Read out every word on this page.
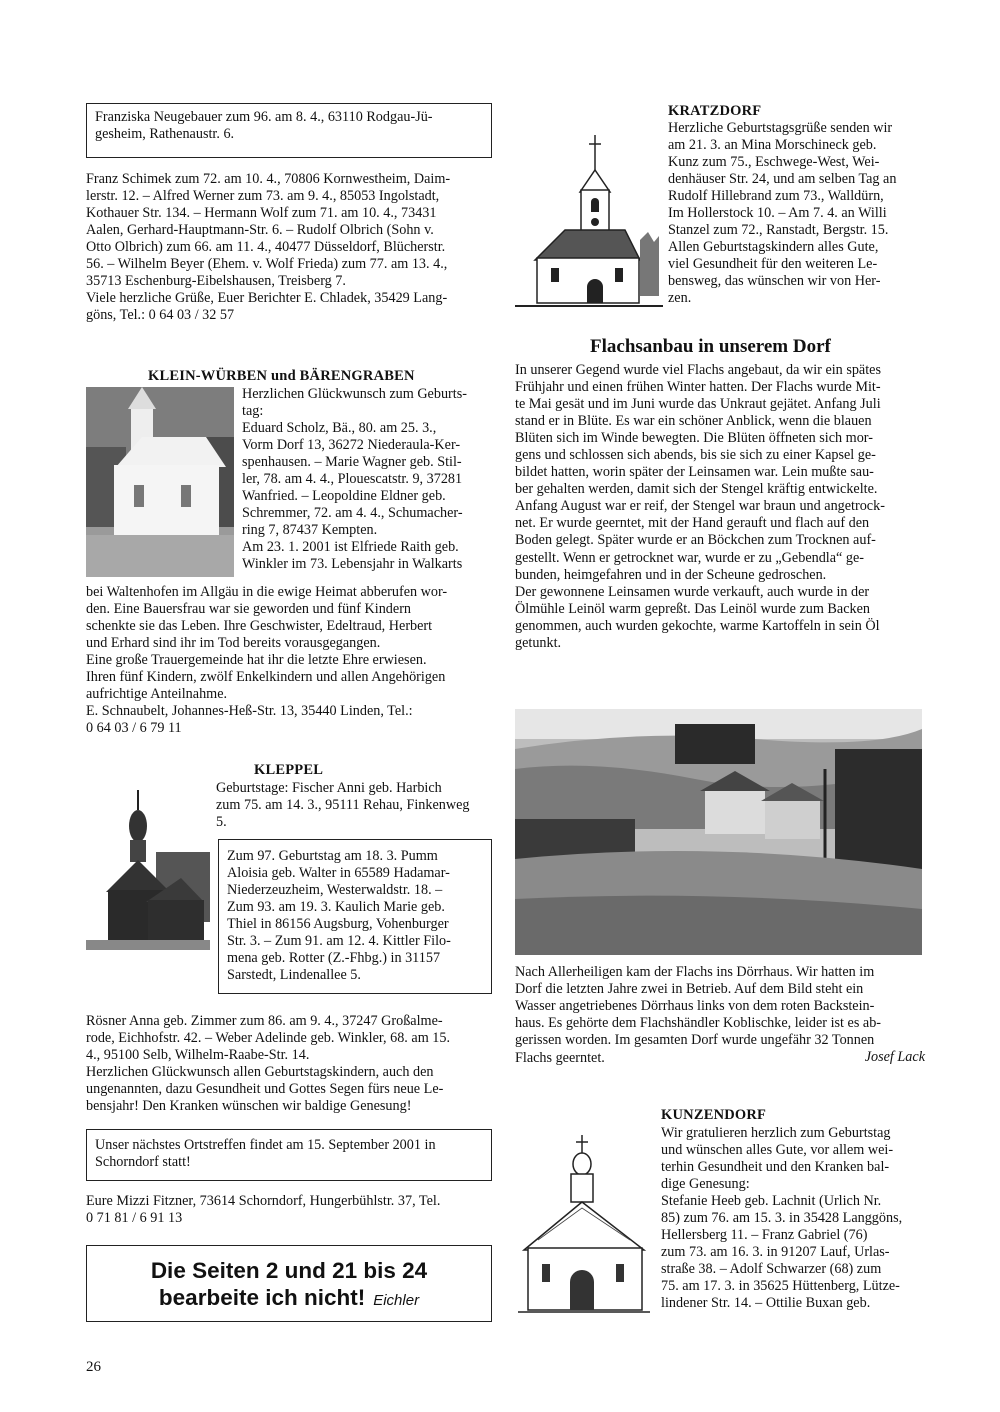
Franziska Neugebauer zum 96. am 8. 4., 63110 Rodgau-Jü-

gesheim, Rathenaustr. 6.

Franz Schimek zum 72. am 10. 4., 70806 Kornwestheim, Daim-

lerstr. 12. – Alfred Werner zum 73. am 9. 4., 85053 Ingolstadt,

Kothauer Str. 134. – Hermann Wolf zum 71. am 10. 4., 73431

Aalen, Gerhard-Hauptmann-Str. 6. – Rudolf Olbrich (Sohn v.

Otto Olbrich) zum 66. am 11. 4., 40477 Düsseldorf, Blücherstr.

56. – Wilhelm Beyer (Ehem. v. Wolf Frieda) zum 77. am 13. 4.,

35713 Eschenburg-Eibelshausen, Treisberg 7.

Viele herzliche Grüße, Euer Berichter E. Chladek, 35429 Lang-

göns, Tel.: 0 64 03 / 32 57

KLEIN-WÜRBEN und BÄRENGRABEN

Herzlichen Glückwunsch zum Geburts-

tag:

Eduard Scholz, Bä., 80. am 25. 3.,

Vorm Dorf 13, 36272 Niederaula-Ker-

spenhausen. – Marie Wagner geb. Stil-

ler, 78. am 4. 4., Plouescatstr. 9, 37281

Wanfried. – Leopoldine Eldner geb.

Schremmer, 72. am 4. 4., Schumacher-

ring 7, 87437 Kempten.

Am 23. 1. 2001 ist Elfriede Raith geb.

Winkler im 73. Lebensjahr in Walkarts

bei Waltenhofen im Allgäu in die ewige Heimat abberufen wor-

den. Eine Bauersfrau war sie geworden und fünf Kindern

schenkte sie das Leben. Ihre Geschwister, Edeltraud, Herbert

und Erhard sind ihr im Tod bereits vorausgegangen.

Eine große Trauergemeinde hat ihr die letzte Ehre erwiesen.

Ihren fünf Kindern, zwölf Enkelkindern und allen Angehörigen

aufrichtige Anteilnahme.

E. Schnaubelt, Johannes-Heß-Str. 13, 35440 Linden, Tel.:

0 64 03 / 6 79 11

KLEPPEL

Geburtstage: Fischer Anni geb. Harbich

zum 75. am 14. 3., 95111 Rehau, Finkenweg

5.

Zum 97. Geburtstag am 18. 3. Pumm

Aloisia geb. Walter in 65589 Hadamar-

Niederzeuzheim, Westerwaldstr. 18. –

Zum 93. am 19. 3. Kaulich Marie geb.

Thiel in 86156 Augsburg, Vohenburger

Str. 3. – Zum 91. am 12. 4. Kittler Filo-

mena geb. Rotter (Z.-Fhbg.) in 31157

Sarstedt, Lindenallee 5.

Rösner Anna geb. Zimmer zum 86. am 9. 4., 37247 Großalme-

rode, Eichhofstr. 42. – Weber Adelinde geb. Winkler, 68. am 15.

4., 95100 Selb, Wilhelm-Raabe-Str. 14.

Herzlichen Glückwunsch allen Geburtstagskindern, auch den

ungenannten, dazu Gesundheit und Gottes Segen fürs neue Le-

bensjahr! Den Kranken wünschen wir baldige Genesung!

Unser nächstes Ortstreffen findet am 15. September 2001 in

Schorndorf statt!

Eure Mizzi Fitzner, 73614 Schorndorf, Hungerbühlstr. 37, Tel.

0 71 81 / 6 91 13

Die Seiten 2 und 21 bis 24
bearbeite ich nicht! Eichler

26

KRATZDORF

Herzliche Geburtstagsgrüße senden wir

am 21. 3. an Mina Morschineck geb.

Kunz zum 75., Eschwege-West, Wei-

denhäuser Str. 24, und am selben Tag an

Rudolf Hillebrand zum 73., Walldürn,

Im Hollerstock 10. – Am 7. 4. an Willi

Stanzel zum 72., Ranstadt, Bergstr. 15.

Allen Geburtstagskindern alles Gute,

viel Gesundheit für den weiteren Le-

bensweg, das wünschen wir von Her-

zen.

Flachsanbau in unserem Dorf

In unserer Gegend wurde viel Flachs angebaut, da wir ein spätes

Frühjahr und einen frühen Winter hatten. Der Flachs wurde Mit-

te Mai gesät und im Juni wurde das Unkraut gejätet. Anfang Juli

stand er in Blüte. Es war ein schöner Anblick, wenn die blauen

Blüten sich im Winde bewegten. Die Blüten öffneten sich mor-

gens und schlossen sich abends, bis sie sich zu einer Kapsel ge-

bildet hatten, worin später der Leinsamen war. Lein mußte sau-

ber gehalten werden, damit sich der Stengel kräftig entwickelte.

Anfang August war er reif, der Stengel war braun und angetrock-

net. Er wurde geerntet, mit der Hand gerauft und flach auf den

Boden gelegt. Später wurde er an Böckchen zum Trocknen auf-

gestellt. Wenn er getrocknet war, wurde er zu „Gebendla“ ge-

bunden, heimgefahren und in der Scheune gedroschen.

Der gewonnene Leinsamen wurde verkauft, auch wurde in der

Ölmühle Leinöl warm gepreßt. Das Leinöl wurde zum Backen

genommen, auch wurden gekochte, warme Kartoffeln in sein Öl

getunkt.

Nach Allerheiligen kam der Flachs ins Dörrhaus. Wir hatten im

Dorf die letzten Jahre zwei in Betrieb. Auf dem Bild steht ein

Wasser angetriebenes Dörrhaus links von dem roten Backstein-

haus. Es gehörte dem Flachshändler Koblischke, leider ist es ab-

gerissen worden. Im gesamten Dorf wurde ungefähr 32 Tonnen

Flachs geerntet.	Josef Lack

KUNZENDORF

Wir gratulieren herzlich zum Geburtstag

und wünschen alles Gute, vor allem wei-

terhin Gesundheit und den Kranken bal-

dige Genesung:

Stefanie Heeb geb. Lachnit (Urlich Nr.

85) zum 76. am 15. 3. in 35428 Langgöns,

Hellersberg 11. – Franz Gabriel (76)

zum 73. am 16. 3. in 91207 Lauf, Urlas-

straße 38. – Adolf Schwarzer (68) zum

75. am 17. 3. in 35625 Hüttenberg, Lütze-

lindener Str. 14. – Ottilie Buxan geb.
